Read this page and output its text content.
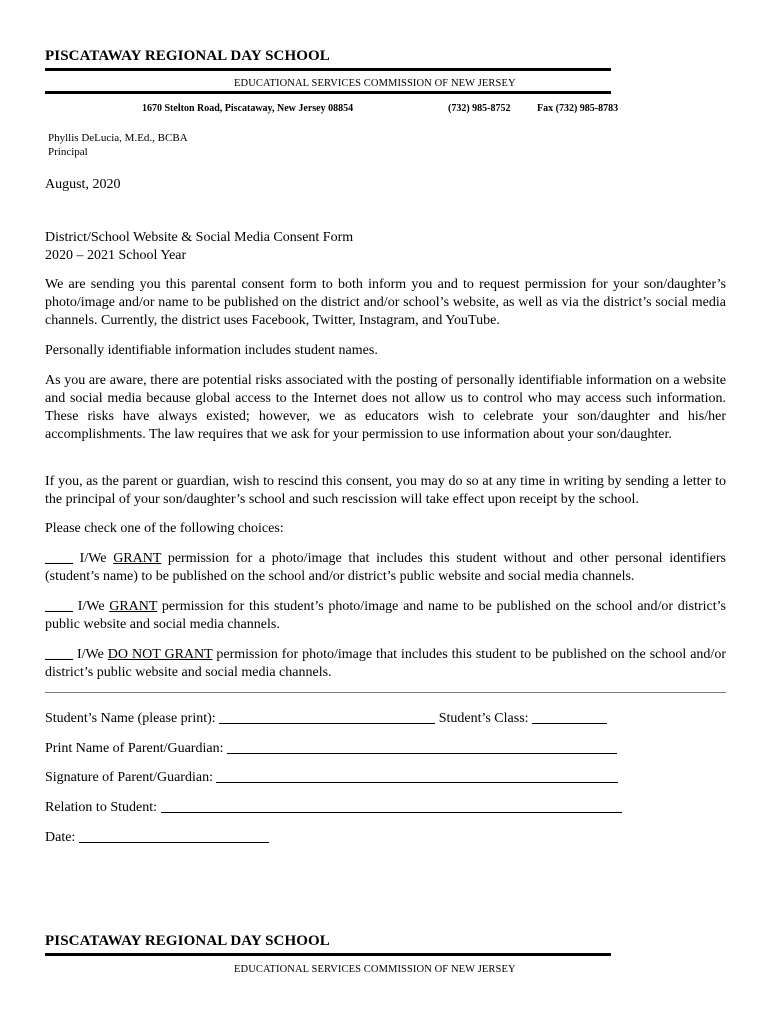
PISCATAWAY REGIONAL DAY SCHOOL
EDUCATIONAL SERVICES COMMISSION OF NEW JERSEY
1670 Stelton Road, Piscataway, New Jersey 08854	(732) 985-8752	Fax (732) 985-8783
Phyllis DeLucia, M.Ed., BCBA
Principal
August, 2020
District/School Website & Social Media Consent Form
2020 – 2021 School Year
We are sending you this parental consent form to both inform you and to request permission for your son/daughter’s photo/image and/or name to be published on the district and/or school’s website, as well as via the district’s social media channels. Currently, the district uses Facebook, Twitter, Instagram, and YouTube.
Personally identifiable information includes student names.
As you are aware, there are potential risks associated with the posting of personally identifiable information on a website and social media because global access to the Internet does not allow us to control who may access such information. These risks have always existed; however, we as educators wish to celebrate your son/daughter and his/her accomplishments. The law requires that we ask for your permission to use information about your son/daughter.
If you, as the parent or guardian, wish to rescind this consent, you may do so at any time in writing by sending a letter to the principal of your son/daughter’s school and such rescission will take effect upon receipt by the school.
Please check one of the following choices:
____ I/We GRANT permission for a photo/image that includes this student without and other personal identifiers (student’s name) to be published on the school and/or district’s public website and social media channels.
____ I/We GRANT permission for this student’s photo/image and name to be published on the school and/or district’s public website and social media channels.
____ I/We DO NOT GRANT permission for photo/image that includes this student to be published on the school and/or district’s public website and social media channels.
Student’s Name (please print):	Student’s Class:
Print Name of Parent/Guardian:
Signature of Parent/Guardian:
Relation to Student:
Date:
PISCATAWAY REGIONAL DAY SCHOOL
EDUCATIONAL SERVICES COMMISSION OF NEW JERSEY
